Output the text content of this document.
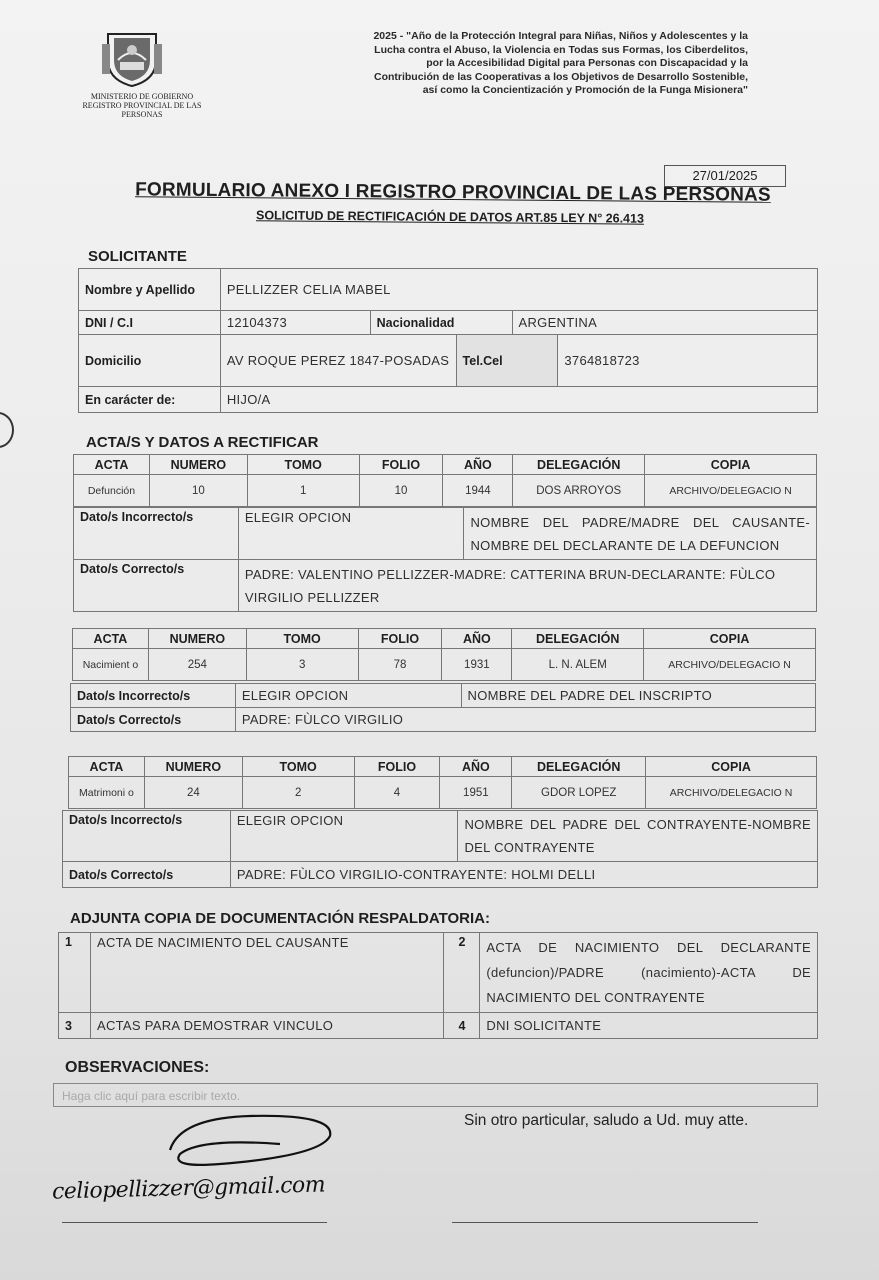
MINISTERIO DE GOBIERNO REGISTRO PROVINCIAL DE LAS PERSONAS
2025 - "Año de la Protección Integral para Niñas, Niños y Adolescentes y la Lucha contra el Abuso, la Violencia en Todas sus Formas, los Ciberdelitos, por la Accesibilidad Digital para Personas con Discapacidad y la Contribución de las Cooperativas a los Objetivos de Desarrollo Sostenible, así como la Concientización y Promoción de la Funga Misionera"
27/01/2025
FORMULARIO ANEXO I REGISTRO PROVINCIAL DE LAS PERSONAS
SOLICITUD DE RECTIFICACIÓN DE DATOS ART.85 LEY N° 26.413
SOLICITANTE
Nombre y Apellido	PELLIZZER CELIA MABEL				
DNI / C.I	12104373	Nacionalidad		ARGENTINA	
Domicilio	AV ROQUE PEREZ 1847-POSADAS		Tel.Cel		3764818723
En carácter de:	HIJO/A				
ACTA/S Y DATOS A RECTIFICAR
ACTA	NUMERO	TOMO	FOLIO	AÑO	DELEGACIÓN	COPIA
Defunción	10	1	10	1944	DOS ARROYOS	ARCHIVO/DELEGACIO N
Dato/s Incorrecto/s	ELEGIR OPCION	NOMBRE DEL PADRE/MADRE DEL CAUSANTE-NOMBRE DEL DECLARANTE DE LA DEFUNCION
Dato/s Correcto/s	PADRE: VALENTINO PELLIZZER-MADRE: CATTERINA BRUN-DECLARANTE: FÙLCO VIRGILIO PELLIZZER	
ACTA	NUMERO	TOMO	FOLIO	AÑO	DELEGACIÓN	COPIA
Nacimient o	254	3	78	1931	L. N. ALEM	ARCHIVO/DELEGACIO N
Dato/s Incorrecto/s	ELEGIR OPCION	NOMBRE DEL PADRE DEL INSCRIPTO
Dato/s Correcto/s	PADRE: FÙLCO VIRGILIO	
ACTA	NUMERO	TOMO	FOLIO	AÑO	DELEGACIÓN	COPIA
Matrimoni o	24	2	4	1951	GDOR LOPEZ	ARCHIVO/DELEGACIO N
Dato/s Incorrecto/s	ELEGIR OPCION	NOMBRE DEL PADRE DEL CONTRAYENTE-NOMBRE DEL CONTRAYENTE
Dato/s Correcto/s	PADRE: FÙLCO VIRGILIO-CONTRAYENTE: HOLMI DELLI	
ADJUNTA COPIA DE DOCUMENTACIÓN RESPALDATORIA:
1	ACTA DE NACIMIENTO DEL CAUSANTE	2	ACTA DE NACIMIENTO DEL DECLARANTE (defuncion)/PADRE (nacimiento)-ACTA DE NACIMIENTO DEL CONTRAYENTE
3	ACTAS PARA DEMOSTRAR VINCULO	4	DNI SOLICITANTE
OBSERVACIONES:
Haga clic aquí para escribir texto.
Sin otro particular, saludo a Ud. muy atte.
celiopellizzer@gmail.com
